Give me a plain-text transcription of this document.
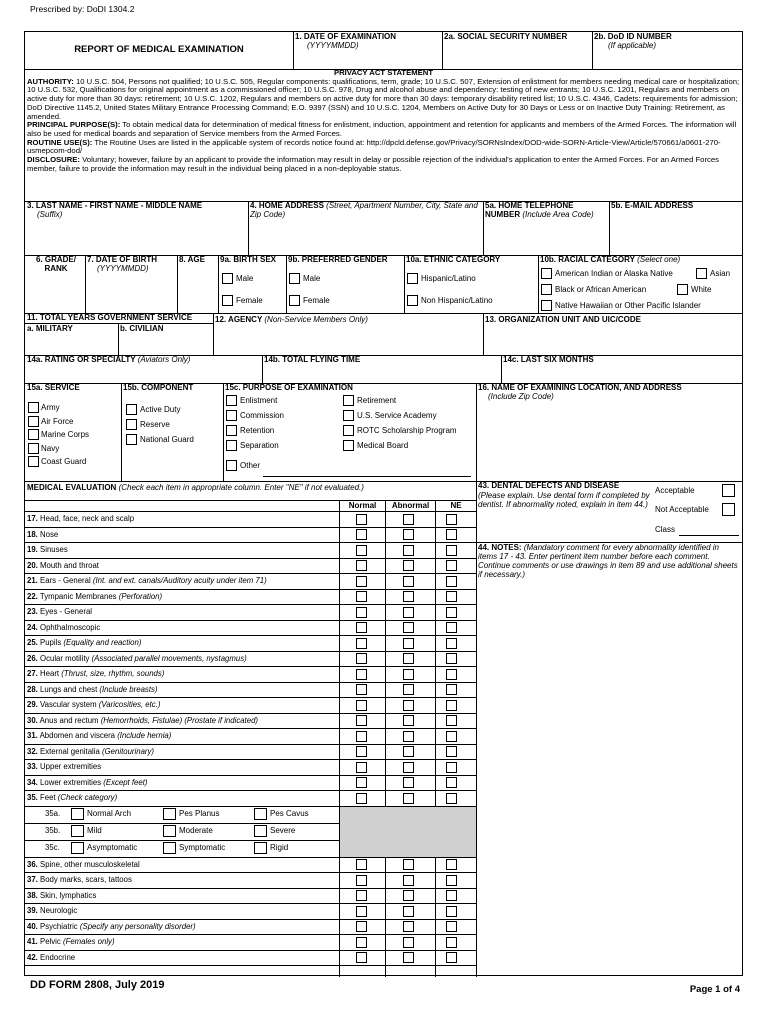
Prescribed by: DoDI 1304.2
REPORT OF MEDICAL EXAMINATION
1. DATE OF EXAMINATION
(YYYYMMDD)
2a. SOCIAL SECURITY NUMBER	2b. DoD ID NUMBER
(If applicable)

PRIVACY ACT STATEMENT

AUTHORITY: 10 U.S.C. 504, Persons not qualified; 10 U.S.C. 505, Regular components: qualifications, term, grade; 10 U.S.C. 507, Extension of enlistment for members needing medical care or hospitalization; 10 U.S.C. 532, Qualifications for original appointment as a commissioned officer; 10 U.S.C. 978, Drug and alcohol abuse and dependency: testing of new entrants; 10 U.S.C. 1201, Regulars and members on active duty for more than 30 days: retirement; 10 U.S.C. 1202, Regulars and members on active duty for more than 30 days: temporary disability retired list; 10 U.S.C. 4346, Cadets: requirements for admission; DoD Directive 1145.2, United States Military Entrance Processing Command; E.O. 9397 (SSN) and 10 U.S.C. 1204, Members on Active Duty for 30 Days or Less or on Inactive Duty Training: Retirement, as amended.

PRINCIPAL PURPOSE(S): To obtain medical data for determination of medical fitness for enlistment, induction, appointment and retention for applicants and members of the Armed Forces. The information will also be used for medical boards and separation of Service members from the Armed Forces.

ROUTINE USE(S): The Routine Uses are listed in the applicable system of records notice found at: http://dpcld.defense.gov/Privacy/SORNsIndex/DOD-wide-SORN-Article-View/Article/570661/a0601-270-usmepcom-dod/

DISCLOSURE: Voluntary; however, failure by an applicant to provide the information may result in delay or possible rejection of the individual's application to enter the Armed Forces. For an Armed Forces member, failure to provide the information may result in the individual being placed in a non-deployable status.

3. LAST NAME - FIRST NAME - MIDDLE NAME
(Suffix)
4. HOME ADDRESS (Street, Apartment Number, City, State and Zip Code)
5a. HOME TELEPHONE NUMBER (Include Area Code)
5b. E-MAIL ADDRESS
6. GRADE/ RANK
7. DATE OF BIRTH
(YYYYMMDD)
8. AGE	9a. BIRTH SEX
Male
Female
9b. PREFERRED GENDER
Male
Female
10a. ETHNIC CATEGORY
Hispanic/Latino
Non Hispanic/Latino
10b. RACIAL CATEGORY (Select one)
American Indian or Alaska Native	Asian
Black or African American	White
Native Hawaiian or Other Pacific Islander
11. TOTAL YEARS GOVERNMENT SERVICE
a. MILITARY	b. CIVILIAN
12. AGENCY (Non-Service Members Only)	13. ORGANIZATION UNIT AND UIC/CODE
14a. RATING OR SPECIALTY (Aviators Only)	14b. TOTAL FLYING TIME	14c. LAST SIX MONTHS
15a. SERVICE
Army
Air Force
Marine Corps
Navy
Coast Guard
15b. COMPONENT
Active Duty
Reserve
National Guard
15c. PURPOSE OF EXAMINATION
Enlistment
Commission
Retention
Separation
Other
Retirement
U.S. Service Academy
ROTC Scholarship Program
Medical Board
16. NAME OF EXAMINING LOCATION, AND ADDRESS
(Include Zip Code)
MEDICAL EVALUATION (Check each item in appropriate column. Enter "NE" if not evaluated.)
Normal	Abnormal	NE
17. Head, face, neck and scalp
18. Nose
19. Sinuses
20. Mouth and throat
21. Ears - General (Int. and ext. canals/Auditory acuity under item 71)
22. Tympanic Membranes (Perforation)
23. Eyes - General
24. Ophthalmoscopic
25. Pupils (Equality and reaction)
26. Ocular motility (Associated parallel movements, nystagmus)
27. Heart (Thrust, size, rhythm, sounds)
28. Lungs and chest (Include breasts)
29. Vascular system (Varicosities, etc.)
30. Anus and rectum (Hemorrhoids, Fistulae) (Prostate if indicated)
31. Abdomen and viscera (Include hernia)
32. External genitalia (Genitourinary)
33. Upper extremities
34. Lower extremities (Except feet)
35. Feet (Check category)
35a.	Normal Arch	Pes Planus	Pes Cavus
35b.	Mild	Moderate	Severe
35c.	Asymptomatic	Symptomatic	Rigid
36. Spine, other musculoskeletal
37. Body marks, scars, tattoos
38. Skin, lymphatics
39. Neurologic
40. Psychiatric (Specify any personality disorder)
41. Pelvic (Females only)
42. Endocrine
43. DENTAL DEFECTS AND DISEASE
(Please explain. Use dental form if completed by dentist. If abnormality noted, explain in item 44.)
Acceptable
Not Acceptable
Class
44. NOTES: (Mandatory comment for every abnormality identified in items 17 - 43. Enter pertinent item number before each comment. Continue comments or use drawings in item 89 and use additional sheets if necessary.)
DD FORM 2808, July 2019	Page 1 of 4
